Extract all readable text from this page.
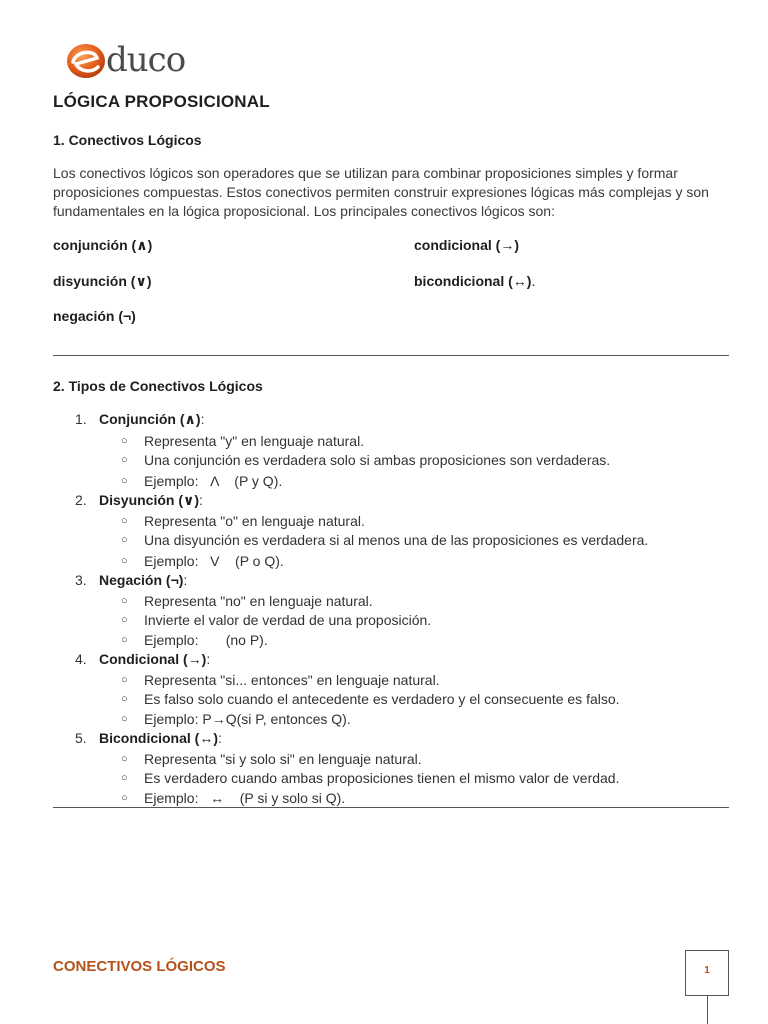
duco
LÓGICA PROPOSICIONAL
1. Conectivos Lógicos
Los conectivos lógicos son operadores que se utilizan para combinar proposiciones simples y formar proposiciones compuestas. Estos conectivos permiten construir expresiones lógicas más complejas y son fundamentales en la lógica proposicional. Los principales conectivos lógicos son:
conjunción (∧)	condicional (→)
disyunción (∨)	bicondicional (↔).
negación (¬)
2. Tipos de Conectivos Lógicos
1. Conjunción (∧):
○ Representa "y" en lenguaje natural.
○ Una conjunción es verdadera solo si ambas proposiciones son verdaderas.
○ Ejemplo:   Λ    (P y Q).
2. Disyunción (∨):
○ Representa "o" en lenguaje natural.
○ Una disyunción es verdadera si al menos una de las proposiciones es verdadera.
○ Ejemplo:   V    (P o Q).
3. Negación (¬):
○ Representa "no" en lenguaje natural.
○ Invierte el valor de verdad de una proposición.
○ Ejemplo:       (no P).
4. Condicional (→):
○ Representa "si... entonces" en lenguaje natural.
○ Es falso solo cuando el antecedente es verdadero y el consecuente es falso.
○ Ejemplo: P→Q(si P, entonces Q).
5. Bicondicional (↔):
○ Representa "si y solo si" en lenguaje natural.
○ Es verdadero cuando ambas proposiciones tienen el mismo valor de verdad.
○ Ejemplo:   ↔    (P si y solo si Q).
CONECTIVOS LÓGICOS	1
